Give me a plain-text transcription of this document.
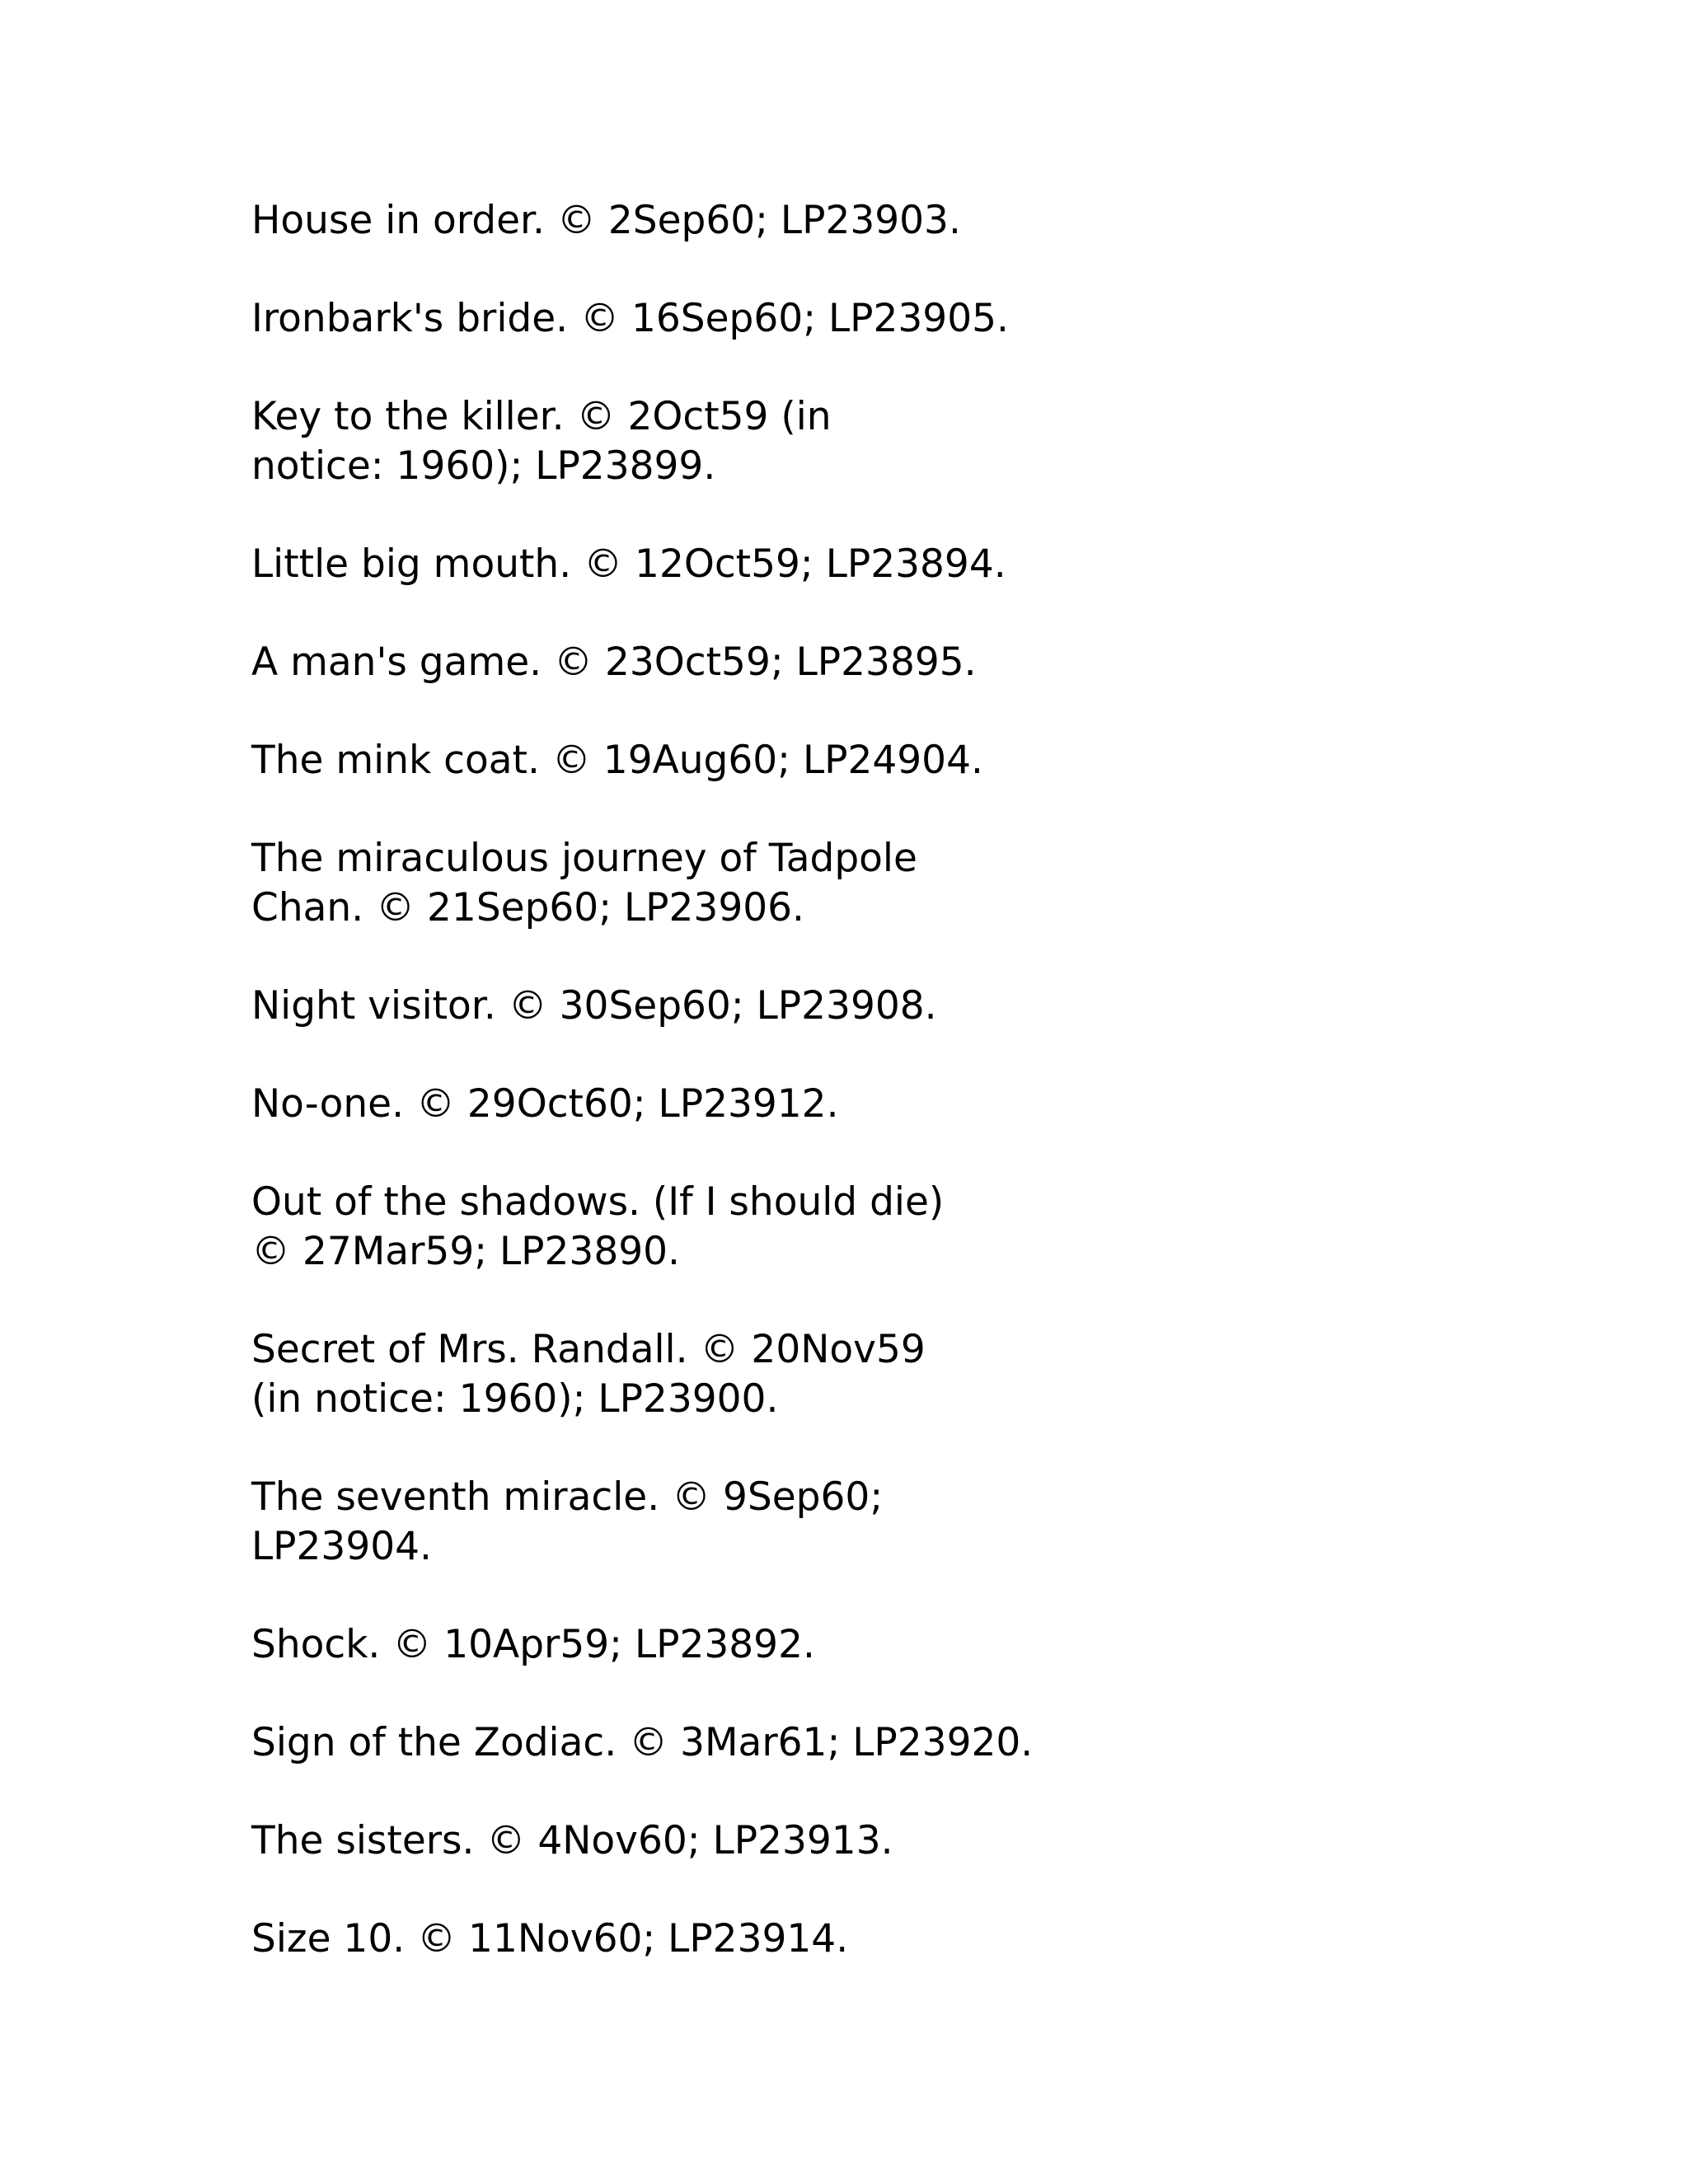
House in order. © 2Sep60; LP23903.
Ironbark's bride. © 16Sep60; LP23905.
Key to the killer. © 2Oct59 (in
notice: 1960); LP23899.
Little big mouth. © 12Oct59; LP23894.
A man's game. © 23Oct59; LP23895.
The mink coat. © 19Aug60; LP24904.
The miraculous journey of Tadpole
Chan. © 21Sep60; LP23906.
Night visitor. © 30Sep60; LP23908.
No-one. © 29Oct60; LP23912.
Out of the shadows. (If I should die)
© 27Mar59; LP23890.
Secret of Mrs. Randall. © 20Nov59
(in notice: 1960); LP23900.
The seventh miracle. © 9Sep60;
LP23904.
Shock. © 10Apr59; LP23892.
Sign of the Zodiac. © 3Mar61; LP23920.
The sisters. © 4Nov60; LP23913.
Size 10. © 11Nov60; LP23914.
